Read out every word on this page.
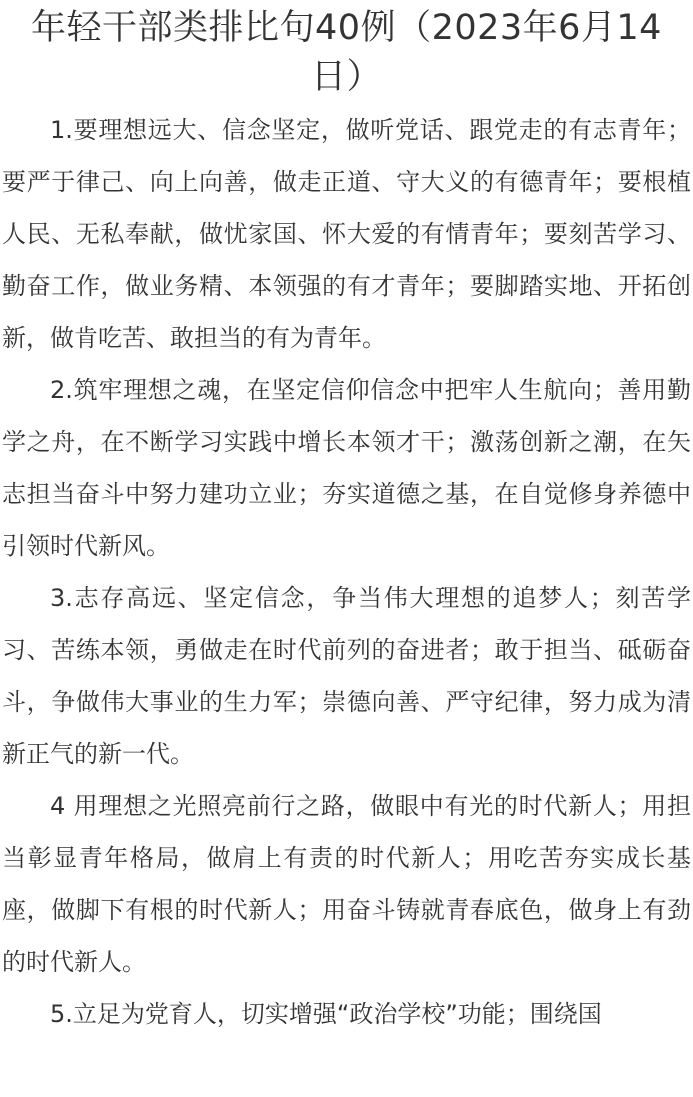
年轻干部类排比句40例（2023年6月14日）

1.要理想远大、信念坚定，做听党话、跟党走的有志青年；要严于律己、向上向善，做走正道、守大义的有德青年；要根植人民、无私奉献，做忧家国、怀大爱的有情青年；要刻苦学习、勤奋工作，做业务精、本领强的有才青年；要脚踏实地、开拓创新，做肯吃苦、敢担当的有为青年。

2.筑牢理想之魂，在坚定信仰信念中把牢人生航向；善用勤学之舟，在不断学习实践中增长本领才干；激荡创新之潮，在矢志担当奋斗中努力建功立业；夯实道德之基，在自觉修身养德中引领时代新风。

3.志存高远、坚定信念，争当伟大理想的追梦人；刻苦学习、苦练本领，勇做走在时代前列的奋进者；敢于担当、砥砺奋斗，争做伟大事业的生力军；崇德向善、严守纪律，努力成为清新正气的新一代。

4 用理想之光照亮前行之路，做眼中有光的时代新人；用担当彰显青年格局，做肩上有责的时代新人；用吃苦夯实成长基座，做脚下有根的时代新人；用奋斗铸就青春底色，做身上有劲的时代新人。

5.立足为党育人，切实增强“政治学校”功能；围绕国
